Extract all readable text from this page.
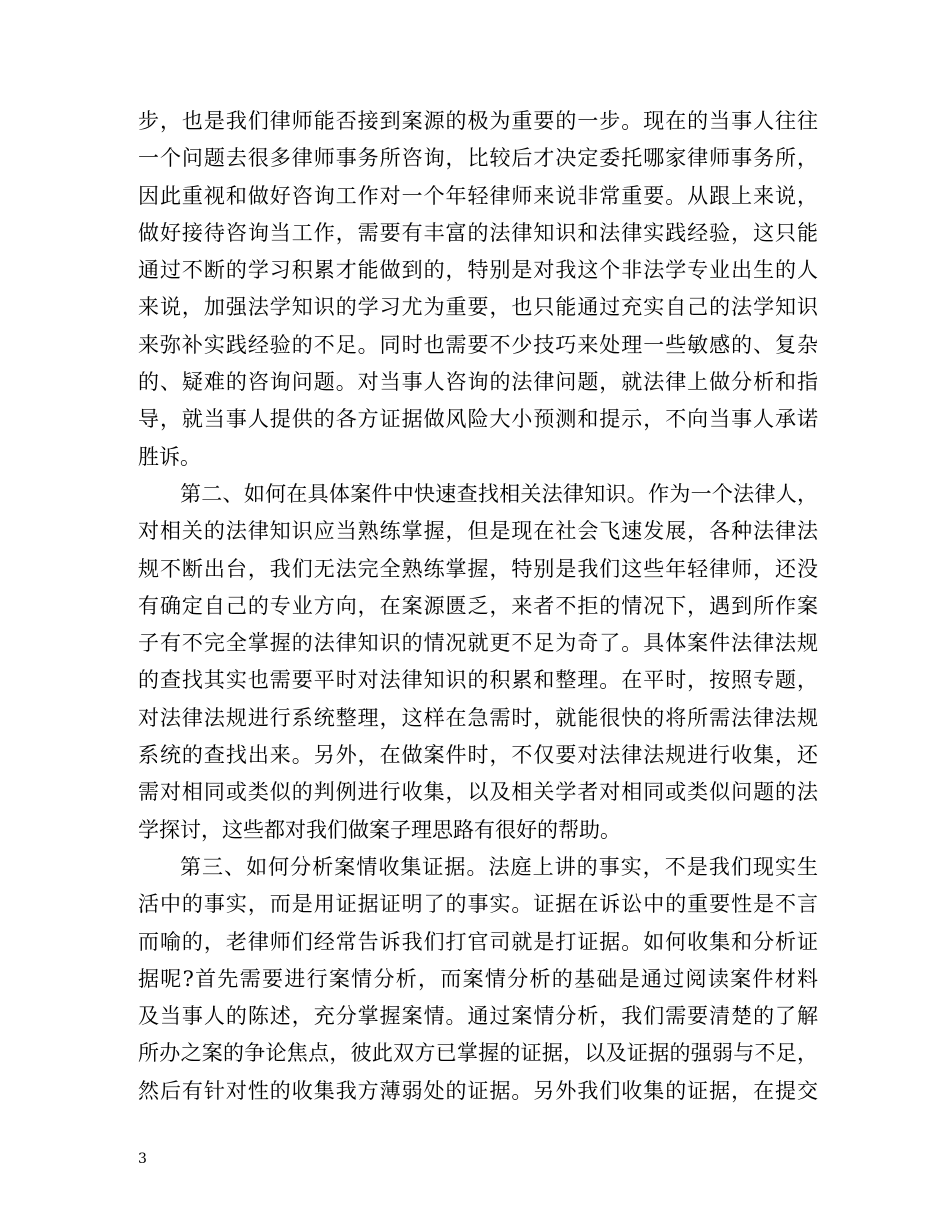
步，也是我们律师能否接到案源的极为重要的一步。现在的当事人往往
一个问题去很多律师事务所咨询，比较后才决定委托哪家律师事务所，
因此重视和做好咨询工作对一个年轻律师来说非常重要。从跟上来说，
做好接待咨询当工作，需要有丰富的法律知识和法律实践经验，这只能
通过不断的学习积累才能做到的，特别是对我这个非法学专业出生的人
来说，加强法学知识的学习尤为重要，也只能通过充实自己的法学知识
来弥补实践经验的不足。同时也需要不少技巧来处理一些敏感的、复杂
的、疑难的咨询问题。对当事人咨询的法律问题，就法律上做分析和指
导，就当事人提供的各方证据做风险大小预测和提示，不向当事人承诺
胜诉。
第二、如何在具体案件中快速查找相关法律知识。作为一个法律人，
对相关的法律知识应当熟练掌握，但是现在社会飞速发展，各种法律法
规不断出台，我们无法完全熟练掌握，特别是我们这些年轻律师，还没
有确定自己的专业方向，在案源匮乏，来者不拒的情况下，遇到所作案
子有不完全掌握的法律知识的情况就更不足为奇了。具体案件法律法规
的查找其实也需要平时对法律知识的积累和整理。在平时，按照专题，
对法律法规进行系统整理，这样在急需时，就能很快的将所需法律法规
系统的查找出来。另外，在做案件时，不仅要对法律法规进行收集，还
需对相同或类似的判例进行收集，以及相关学者对相同或类似问题的法
学探讨，这些都对我们做案子理思路有很好的帮助。
第三、如何分析案情收集证据。法庭上讲的事实，不是我们现实生
活中的事实，而是用证据证明了的事实。证据在诉讼中的重要性是不言
而喻的，老律师们经常告诉我们打官司就是打证据。如何收集和分析证
据呢?首先需要进行案情分析，而案情分析的基础是通过阅读案件材料
及当事人的陈述，充分掌握案情。通过案情分析，我们需要清楚的了解
所办之案的争论焦点，彼此双方已掌握的证据，以及证据的强弱与不足，
然后有针对性的收集我方薄弱处的证据。另外我们收集的证据，在提交
3
